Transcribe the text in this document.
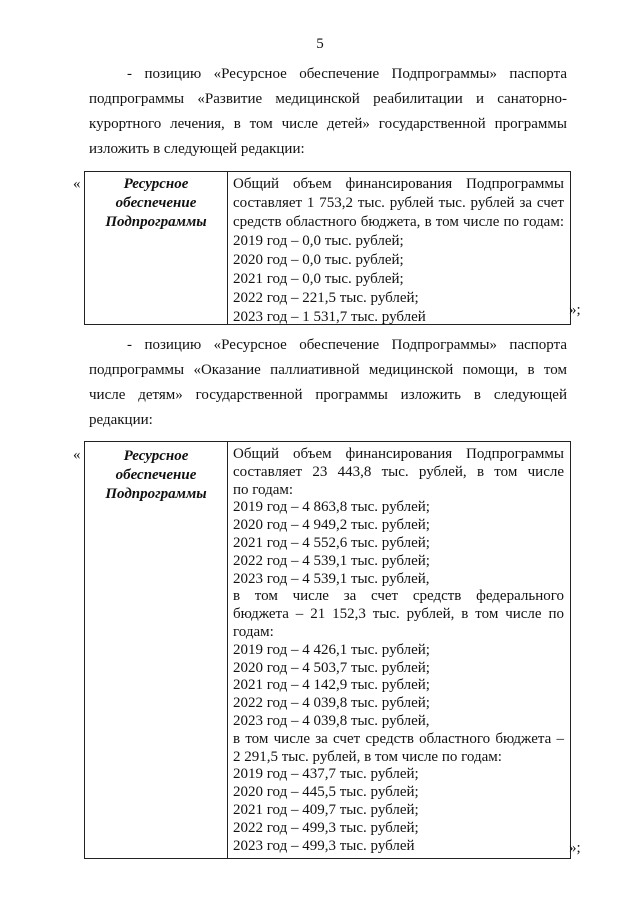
5
- позицию «Ресурсное обеспечение Подпрограммы» паспорта
подпрограммы «Развитие медицинской реабилитации и санаторно-
курортного лечения, в том числе детей» государственной программы
изложить в следующей редакции:
«	Ресурсное
обеспечение
Подпрограммы
Общий объем финансирования Подпрограммы
составляет 1 753,2 тыс. рублей тыс. рублей за счет
средств областного бюджета, в том числе по годам:
2019 год – 0,0 тыс. рублей;
2020 год – 0,0 тыс. рублей;
2021 год – 0,0 тыс. рублей;
2022 год – 221,5 тыс. рублей;
2023 год – 1 531,7 тыс. рублей	»;
- позицию «Ресурсное обеспечение Подпрограммы» паспорта
подпрограммы «Оказание паллиативной медицинской помощи, в том
числе детям» государственной программы изложить в следующей
редакции:
«	Ресурсное
обеспечение
Подпрограммы
Общий объем финансирования Подпрограммы
составляет 23 443,8 тыс. рублей, в том числе
по годам:
2019 год – 4 863,8 тыс. рублей;
2020 год – 4 949,2 тыс. рублей;
2021 год – 4 552,6 тыс. рублей;
2022 год – 4 539,1 тыс. рублей;
2023 год – 4 539,1 тыс. рублей,
в том числе за счет средств федерального
бюджета – 21 152,3 тыс. рублей, в том числе по
годам:
2019 год – 4 426,1 тыс. рублей;
2020 год – 4 503,7 тыс. рублей;
2021 год – 4 142,9 тыс. рублей;
2022 год – 4 039,8 тыс. рублей;
2023 год – 4 039,8 тыс. рублей,
в том числе за счет средств областного бюджета –
2 291,5 тыс. рублей, в том числе по годам:
2019 год – 437,7 тыс. рублей;
2020 год – 445,5 тыс. рублей;
2021 год – 409,7 тыс. рублей;
2022 год – 499,3 тыс. рублей;
2023 год – 499,3 тыс. рублей	»;
